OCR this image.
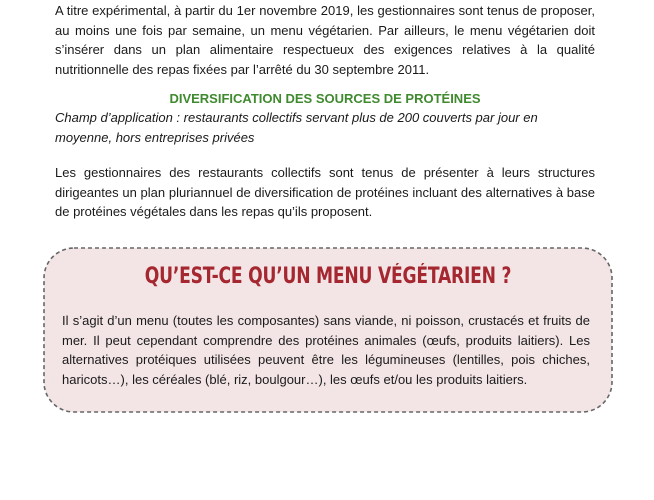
A titre expérimental, à partir du 1er novembre 2019, les gestionnaires sont tenus de proposer, au moins une fois par semaine, un menu végétarien. Par ailleurs, le menu végétarien doit s’insérer dans un plan alimentaire respectueux des exigences relatives à la qualité nutritionnelle des repas fixées par l’arrêté du 30 septembre 2011.

DIVERSIFICATION DES SOURCES DE PROTÉINES

Champ d’application : restaurants collectifs servant plus de 200 couverts par jour en moyenne, hors entreprises privées

Les gestionnaires des restaurants collectifs sont tenus de présenter à leurs structures dirigeantes un plan pluriannuel de diversification de protéines incluant des alternatives à base de protéines végétales dans les repas qu’ils proposent.

QU’EST-CE QU’UN MENU VÉGÉTARIEN ?

Il s’agit d’un menu (toutes les composantes) sans viande, ni poisson, crustacés et fruits de mer. Il peut cependant comprendre des protéines animales (œufs, produits laitiers). Les alternatives protéiques utilisées peuvent être les légumineuses (lentilles, pois chiches, haricots…), les céréales (blé, riz, boulgour…), les œufs et/ou les produits laitiers.
